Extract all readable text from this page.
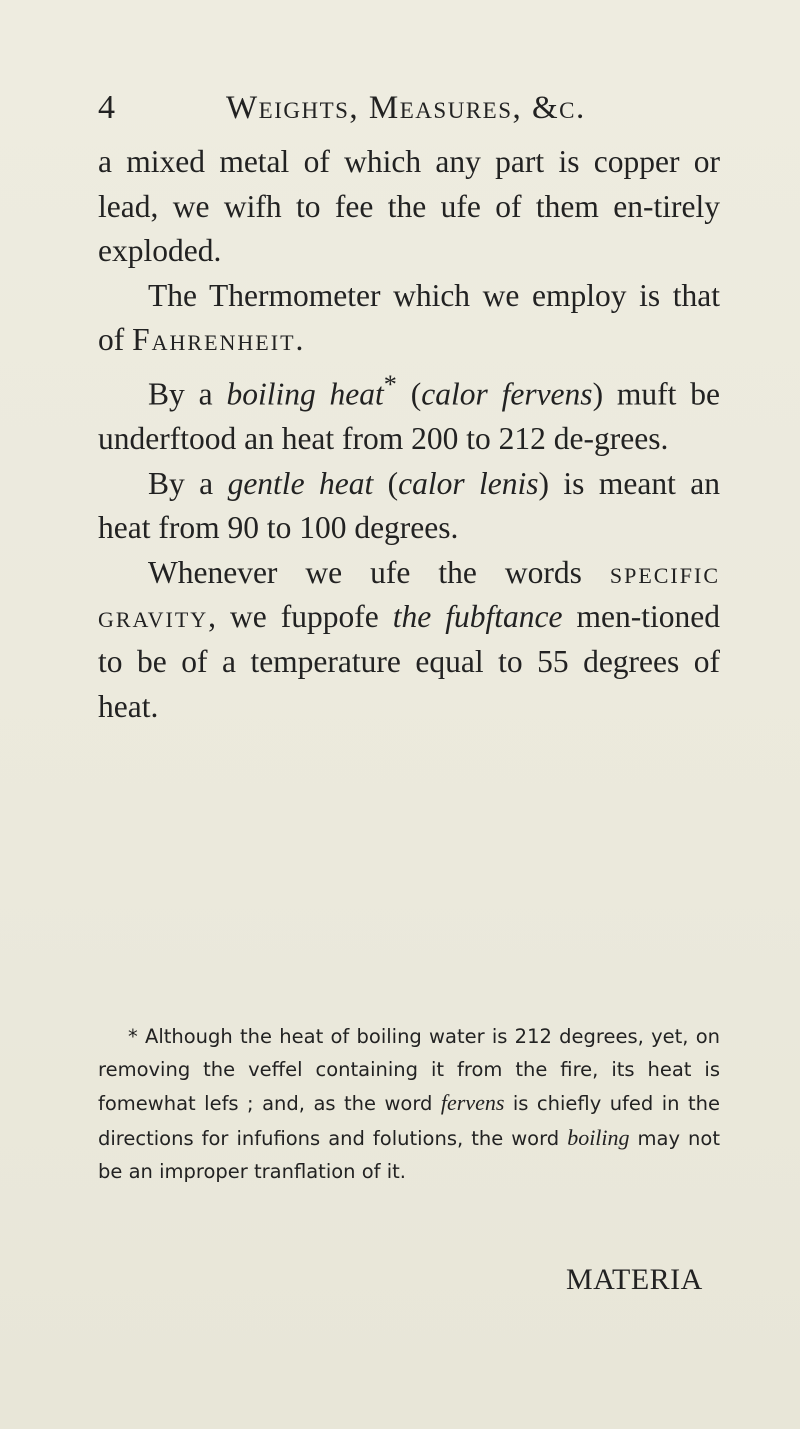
4	Weights, Measures, &c.

a mixed metal of which any part is copper or lead, we wifh to fee the ufe of them en-tirely exploded.

The Thermometer which we employ is that of Fahrenheit.

By a boiling heat* (calor fervens) muft be underftood an heat from 200 to 212 de-grees.

By a gentle heat (calor lenis) is meant an heat from 90 to 100 degrees.

Whenever we ufe the words specific gravity, we fuppofe the fubftance men-tioned to be of a temperature equal to 55 degrees of heat.

* Although the heat of boiling water is 212 degrees, yet, on removing the veffel containing it from the fire, its heat is fomewhat lefs ; and, as the word fervens is chiefly ufed in the directions for infufions and folutions, the word boiling may not be an improper tranflation of it.

MATERIA
